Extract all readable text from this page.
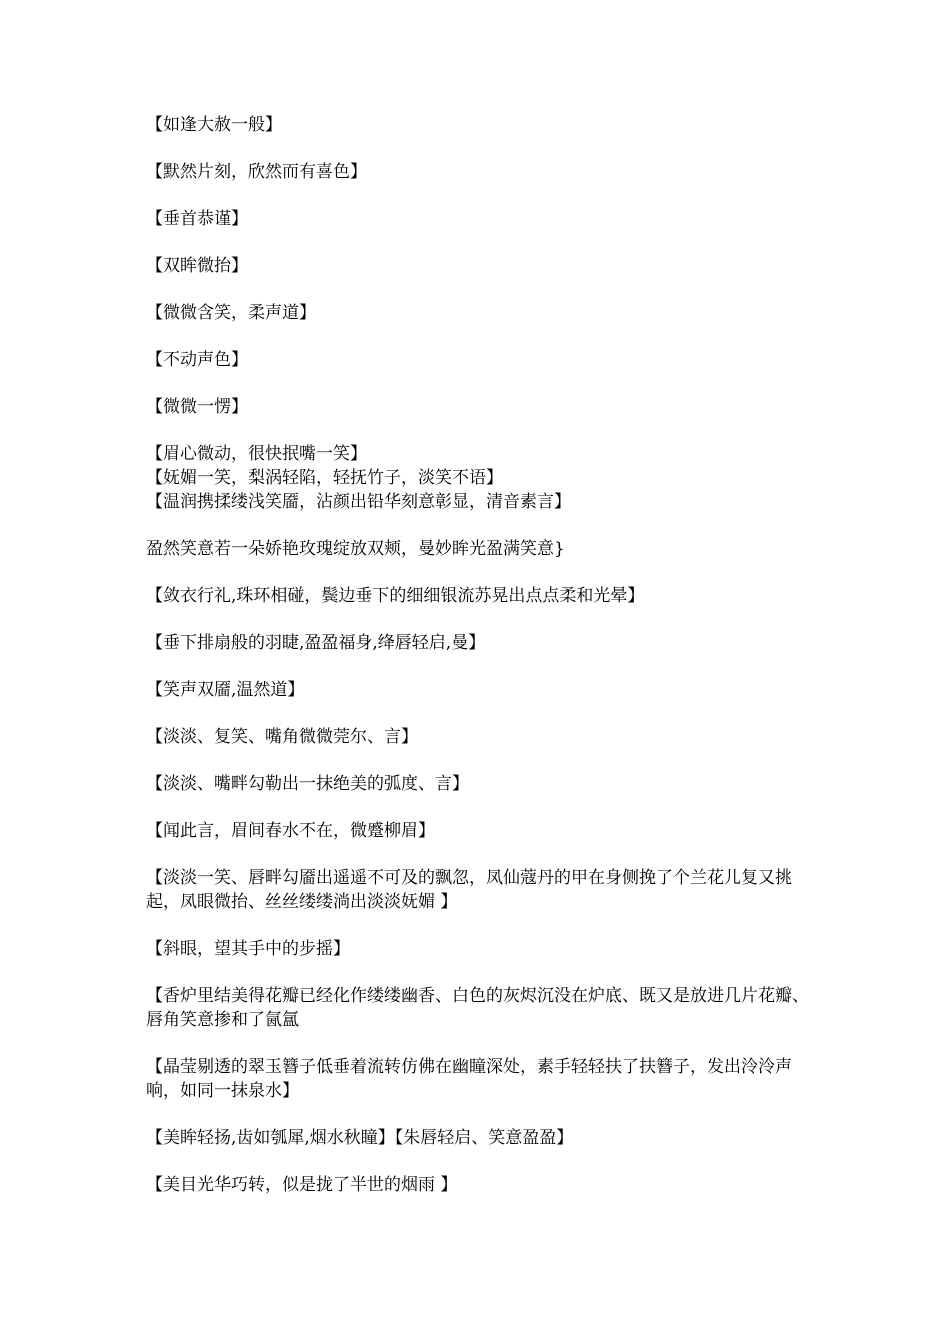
【如逢大赦一般】

【默然片刻，欣然而有喜色】

【垂首恭谨】

【双眸微抬】

【微微含笑，柔声道】

【不动声色】

【微微一愣】

【眉心微动，很快抿嘴一笑】

【妩媚一笑，梨涡轻陷，轻抚竹子，淡笑不语】

【温润携揉缕浅笑靥，沾颜出铅华刻意彰显，清音素言】

盈然笑意若一朵娇艳玫瑰绽放双颊，曼妙眸光盈满笑意}

【敛衣行礼,珠环相碰，鬓边垂下的细细银流苏晃出点点柔和光晕】

【垂下排扇般的羽睫,盈盈福身,绛唇轻启,曼】

【笑声双靥,温然道】

【淡淡、复笑、嘴角微微莞尔、言】

【淡淡、嘴畔勾勒出一抹绝美的弧度、言】

【闻此言，眉间春水不在，微蹙柳眉】

【淡淡一笑、唇畔勾靥出遥遥不可及的飘忽，凤仙蔻丹的甲在身侧挽了个兰花儿复又挑起，凤眼微抬、丝丝缕缕淌出淡淡妩媚 】

【斜眼，望其手中的步摇】

【香炉里结美得花瓣已经化作缕缕幽香、白色的灰烬沉没在炉底、既又是放进几片花瓣、唇角笑意掺和了氤氲

【晶莹剔透的翠玉簪子低垂着流转仿佛在幽瞳深处，素手轻轻扶了扶簪子，发出泠泠声响，如同一抹泉水】

【美眸轻扬,齿如瓠犀,烟水秋瞳】【朱唇轻启、笑意盈盈】

【美目光华巧转，似是拢了半世的烟雨 】
